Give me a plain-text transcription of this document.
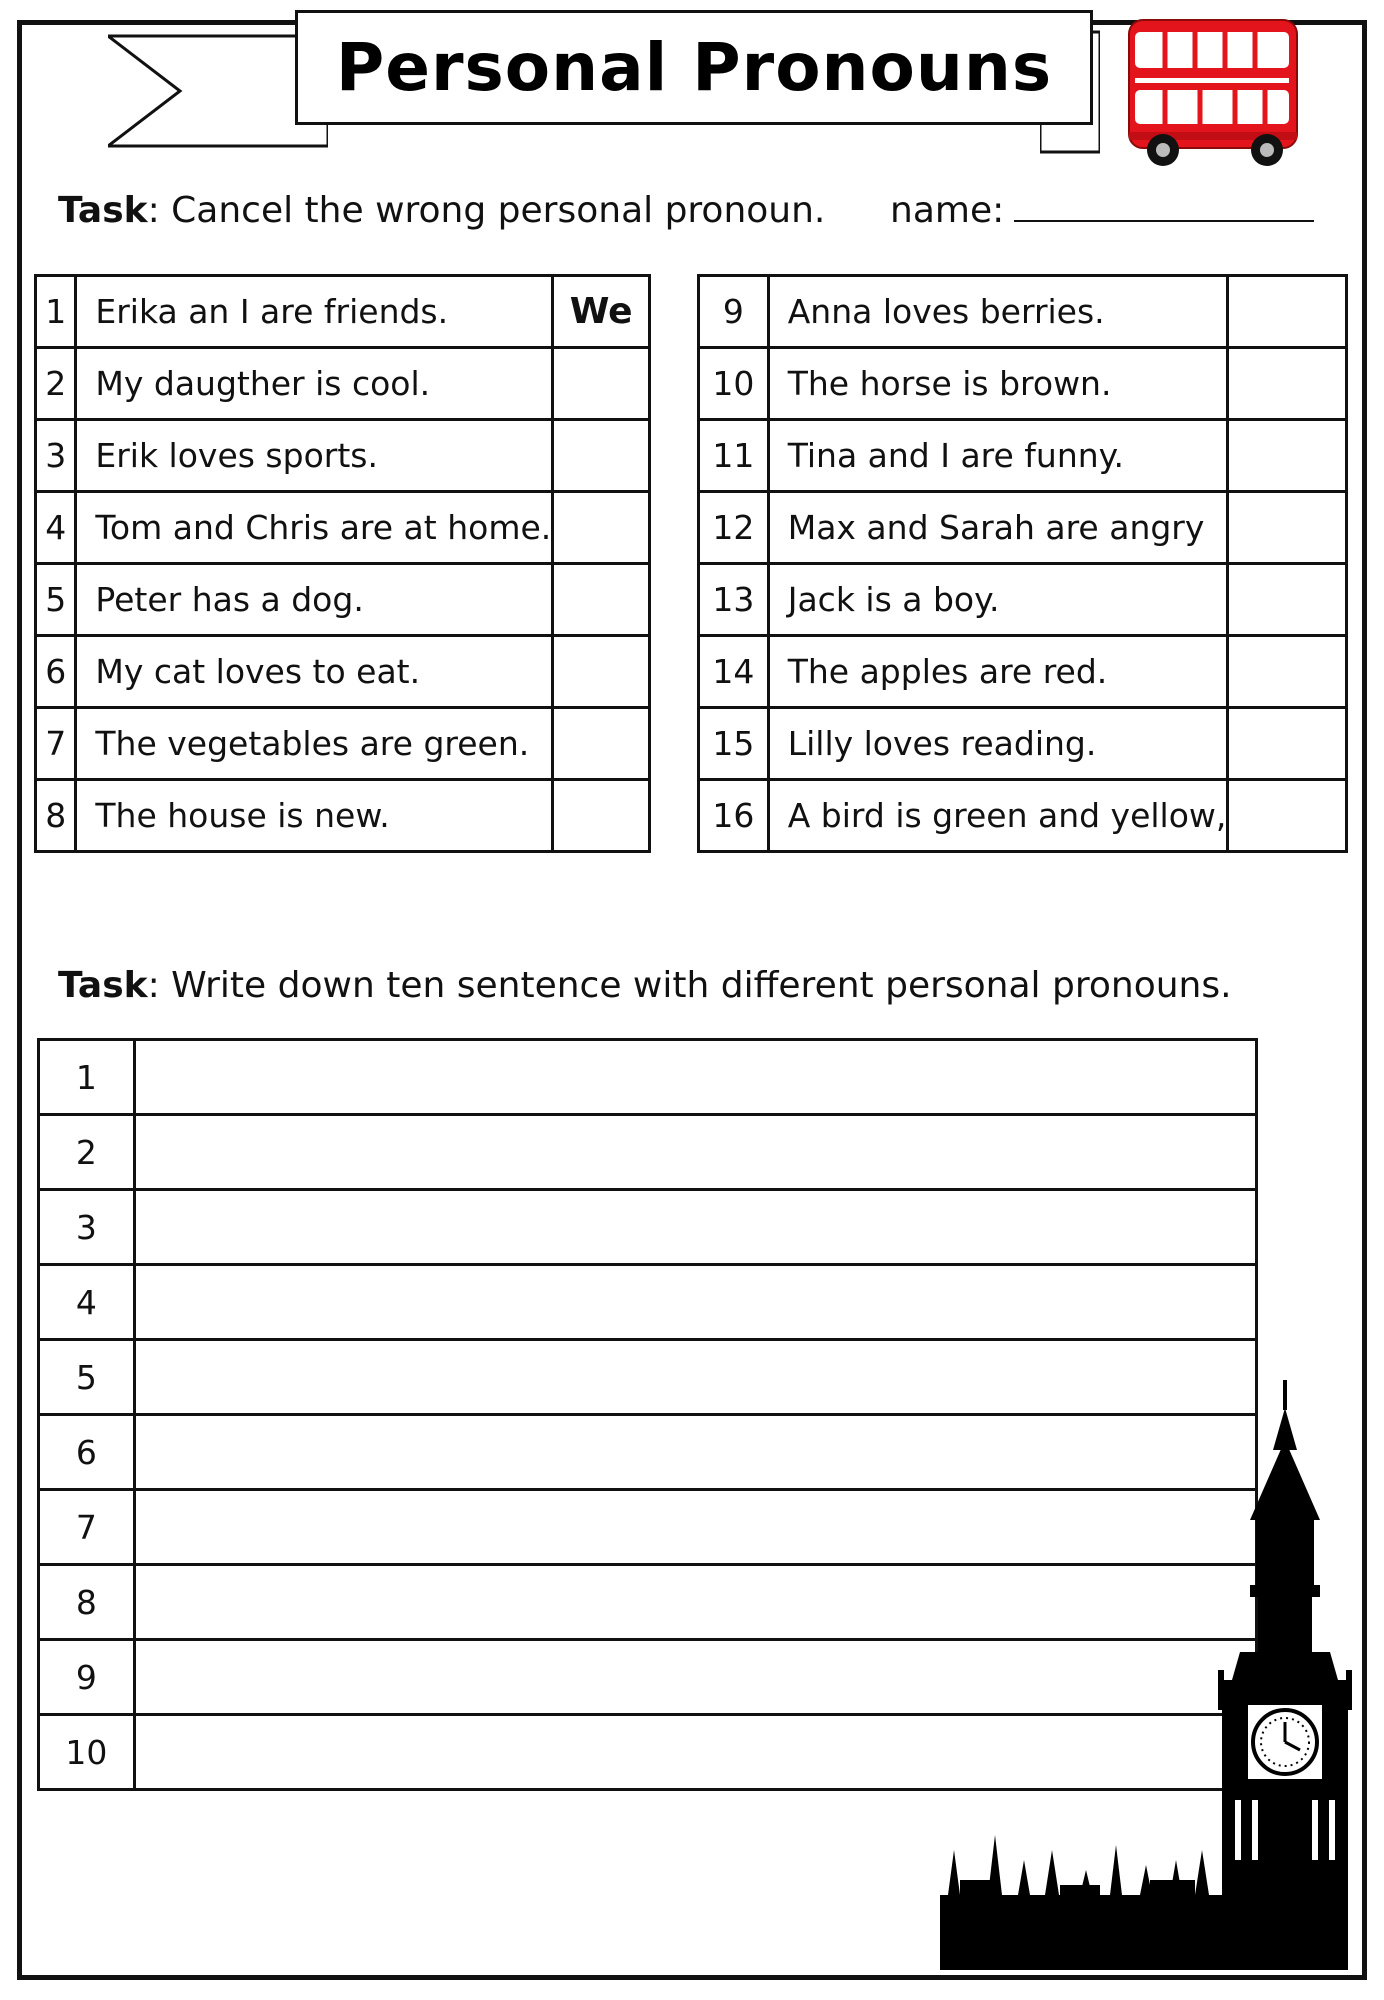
Personal Pronouns
Task: Cancel the wrong personal pronoun. name:
1	Erika an I are friends.	We
2	My daugther is cool.	
3	Erik loves sports.	
4	Tom and Chris are at home.	
5	Peter has a dog.	
6	My cat loves to eat.	
7	The vegetables are green.	
8	The house is new.	
9	Anna loves berries.	
10	The horse is brown.	
11	Tina and I are funny.	
12	Max and Sarah are angry	
13	Jack is a boy.	
14	The apples are red.	
15	Lilly loves reading.	
16	A bird is green and yellow,	
Task: Write down ten sentence with different personal pronouns.
1	
2	
3	
4	
5	
6	
7	
8	
9	
10	
